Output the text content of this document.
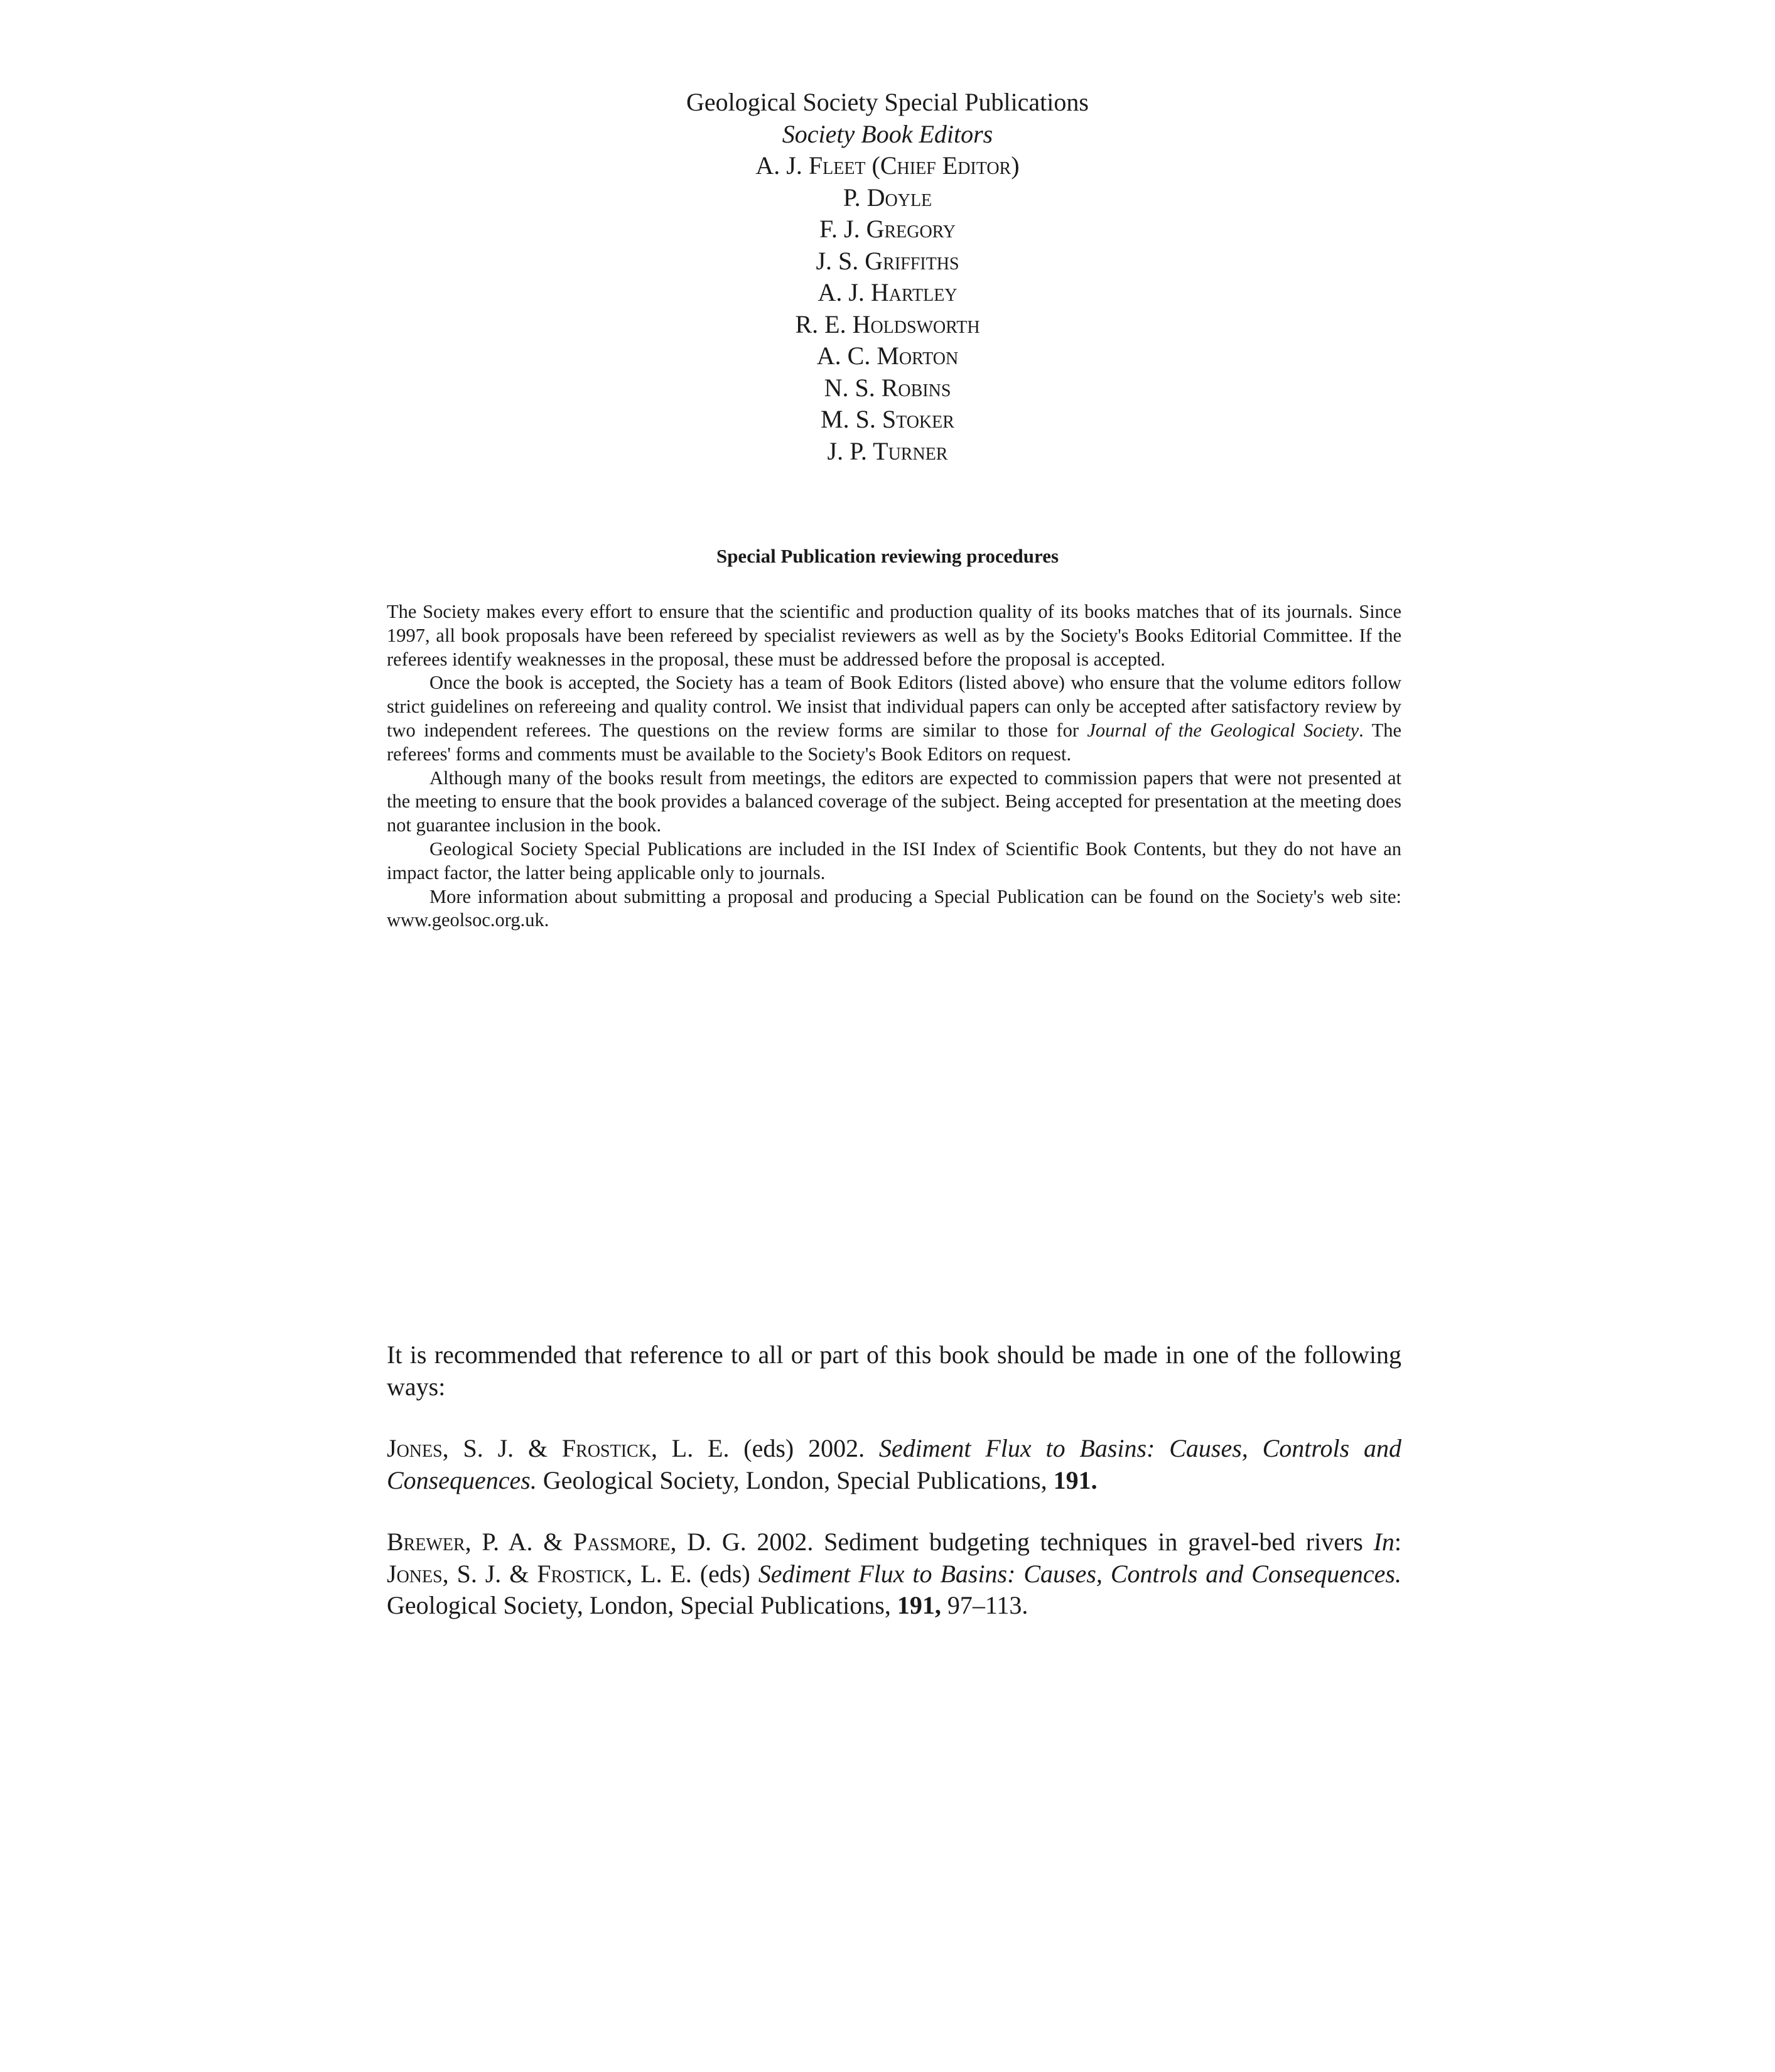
Geological Society Special Publications
Society Book Editors
A. J. Fleet (Chief Editor)
P. Doyle
F. J. Gregory
J. S. Griffiths
A. J. Hartley
R. E. Holdsworth
A. C. Morton
N. S. Robins
M. S. Stoker
J. P. Turner
Special Publication reviewing procedures

The Society makes every effort to ensure that the scientific and production quality of its books matches that of its journals. Since 1997, all book proposals have been refereed by specialist reviewers as well as by the Society's Books Editorial Committee. If the referees identify weaknesses in the proposal, these must be addressed before the proposal is accepted.

Once the book is accepted, the Society has a team of Book Editors (listed above) who ensure that the volume editors follow strict guidelines on refereeing and quality control. We insist that individual papers can only be accepted after satisfactory review by two independent referees. The questions on the review forms are similar to those for Journal of the Geological Society. The referees' forms and comments must be available to the Society's Book Editors on request.

Although many of the books result from meetings, the editors are expected to commission papers that were not presented at the meeting to ensure that the book provides a balanced coverage of the subject. Being accepted for presentation at the meeting does not guarantee inclusion in the book.

Geological Society Special Publications are included in the ISI Index of Scientific Book Contents, but they do not have an impact factor, the latter being applicable only to journals.

More information about submitting a proposal and producing a Special Publication can be found on the Society's web site: www.geolsoc.org.uk.

It is recommended that reference to all or part of this book should be made in one of the following ways:

Jones, S. J. & Frostick, L. E. (eds) 2002. Sediment Flux to Basins: Causes, Controls and Consequences. Geological Society, London, Special Publications, 191.

Brewer, P. A. & Passmore, D. G. 2002. Sediment budgeting techniques in gravel-bed rivers In: Jones, S. J. & Frostick, L. E. (eds) Sediment Flux to Basins: Causes, Controls and Consequences. Geological Society, London, Special Publications, 191, 97–113.
